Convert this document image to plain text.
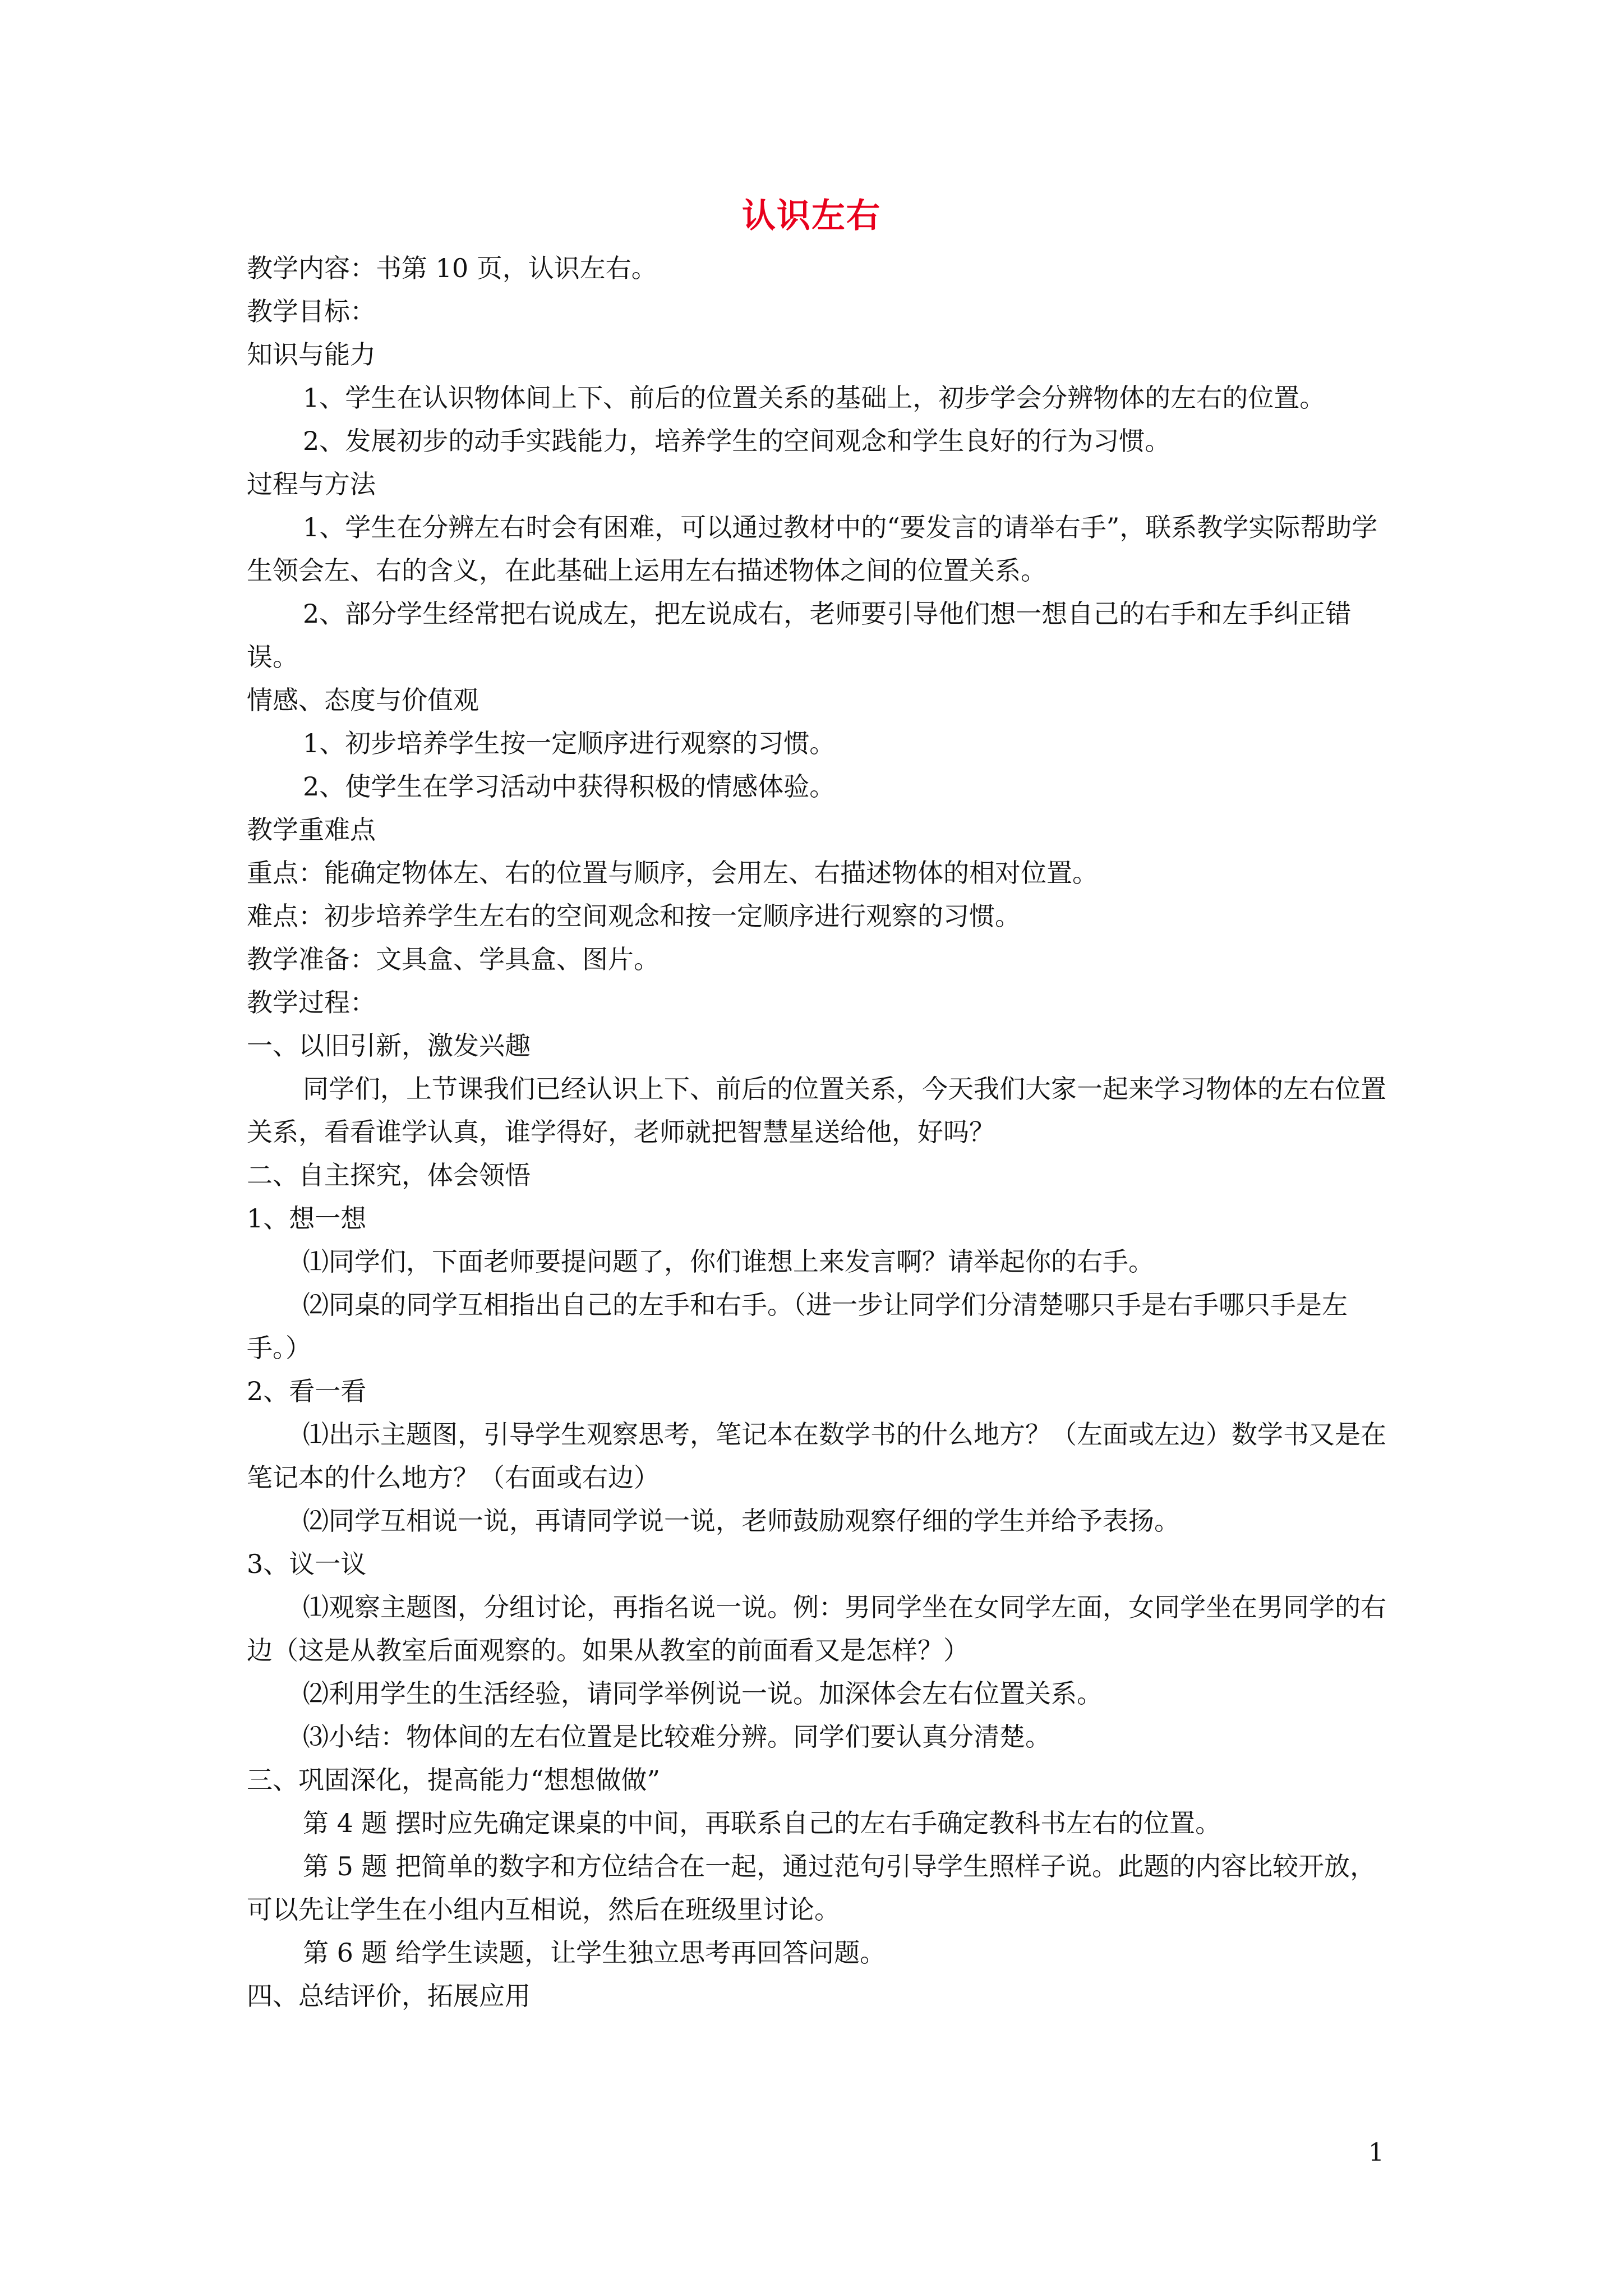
认识左右

教学内容：书第 10 页，认识左右。

教学目标：

知识与能力

1、学生在认识物体间上下、前后的位置关系的基础上，初步学会分辨物体的左右的位置。

2、发展初步的动手实践能力，培养学生的空间观念和学生良好的行为习惯。

过程与方法

1、学生在分辨左右时会有困难，可以通过教材中的“要发言的请举右手”，联系教学实际帮助学生领会左、右的含义，在此基础上运用左右描述物体之间的位置关系。

2、部分学生经常把右说成左，把左说成右，老师要引导他们想一想自己的右手和左手纠正错误。

情感、态度与价值观

1、初步培养学生按一定顺序进行观察的习惯。

2、使学生在学习活动中获得积极的情感体验。

教学重难点

重点：能确定物体左、右的位置与顺序，会用左、右描述物体的相对位置。

难点：初步培养学生左右的空间观念和按一定顺序进行观察的习惯。

教学准备：文具盒、学具盒、图片。

教学过程：

一、以旧引新，激发兴趣

同学们，上节课我们已经认识上下、前后的位置关系，今天我们大家一起来学习物体的左右位置关系，看看谁学认真，谁学得好，老师就把智慧星送给他，好吗？

二、自主探究，体会领悟

1、想一想

⑴同学们，下面老师要提问题了，你们谁想上来发言啊？请举起你的右手。

⑵同桌的同学互相指出自己的左手和右手。（进一步让同学们分清楚哪只手是右手哪只手是左手。）

2、看一看

⑴出示主题图，引导学生观察思考，笔记本在数学书的什么地方？（左面或左边）数学书又是在笔记本的什么地方？（右面或右边）

⑵同学互相说一说，再请同学说一说，老师鼓励观察仔细的学生并给予表扬。

3、议一议

⑴观察主题图，分组讨论，再指名说一说。例：男同学坐在女同学左面，女同学坐在男同学的右边（这是从教室后面观察的。如果从教室的前面看又是怎样？）

⑵利用学生的生活经验，请同学举例说一说。加深体会左右位置关系。

⑶小结：物体间的左右位置是比较难分辨。同学们要认真分清楚。

三、巩固深化，提高能力“想想做做”

第 4 题 摆时应先确定课桌的中间，再联系自己的左右手确定教科书左右的位置。

第 5 题 把简单的数字和方位结合在一起，通过范句引导学生照样子说。此题的内容比较开放，可以先让学生在小组内互相说，然后在班级里讨论。

第 6 题 给学生读题，让学生独立思考再回答问题。

四、总结评价，拓展应用

1
